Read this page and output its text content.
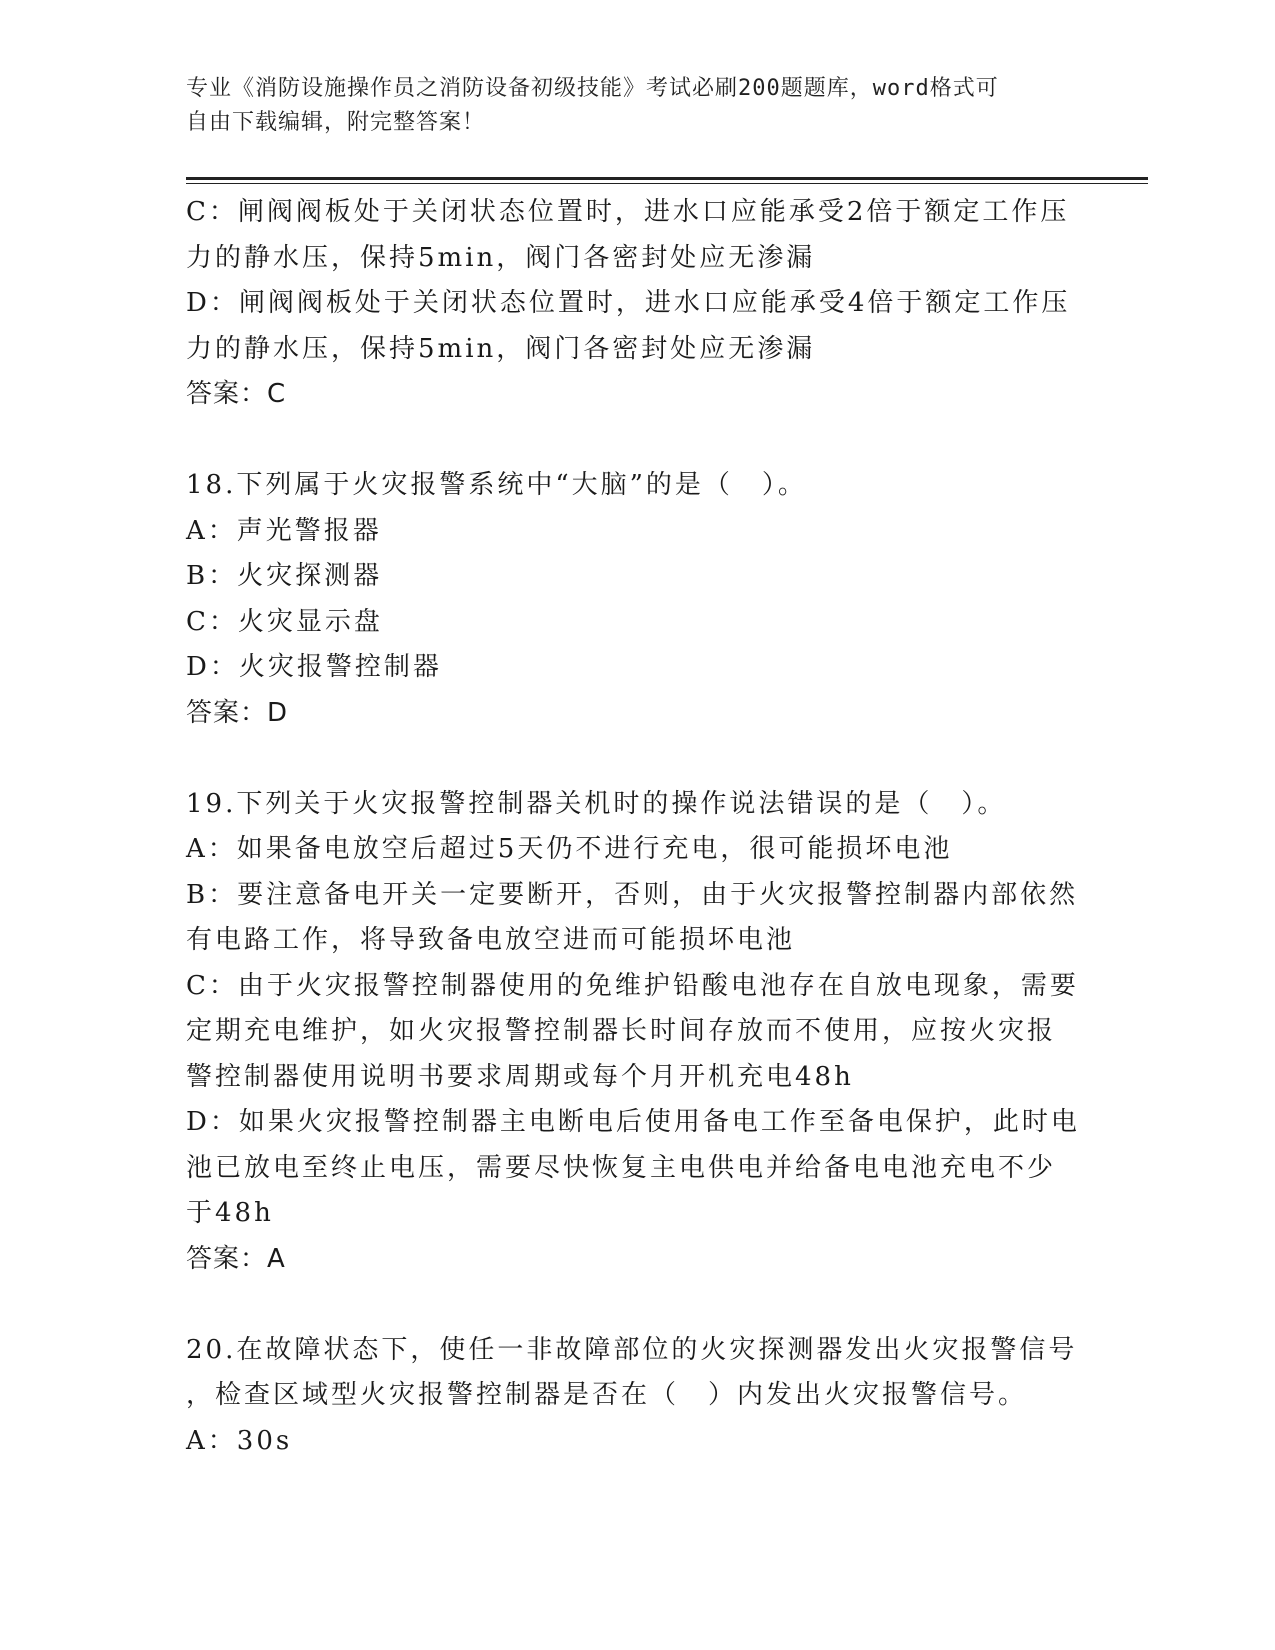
专业《消防设施操作员之消防设备初级技能》考试必刷200题题库，word格式可
自由下载编辑，附完整答案！
C：闸阀阀板处于关闭状态位置时，进水口应能承受2倍于额定工作压
力的静水压，保持5min，阀门各密封处应无渗漏
D：闸阀阀板处于关闭状态位置时，进水口应能承受4倍于额定工作压
力的静水压，保持5min，阀门各密封处应无渗漏
答案：C
18.下列属于火灾报警系统中“大脑”的是（　）。
A：声光警报器
B：火灾探测器
C：火灾显示盘
D：火灾报警控制器
答案：D
19.下列关于火灾报警控制器关机时的操作说法错误的是（　）。
A：如果备电放空后超过5天仍不进行充电，很可能损坏电池
B：要注意备电开关一定要断开，否则，由于火灾报警控制器内部依然
有电路工作，将导致备电放空进而可能损坏电池
C：由于火灾报警控制器使用的免维护铅酸电池存在自放电现象，需要
定期充电维护，如火灾报警控制器长时间存放而不使用，应按火灾报
警控制器使用说明书要求周期或每个月开机充电48h
D：如果火灾报警控制器主电断电后使用备电工作至备电保护，此时电
池已放电至终止电压，需要尽快恢复主电供电并给备电电池充电不少
于48h
答案：A
20.在故障状态下，使任一非故障部位的火灾探测器发出火灾报警信号
，检查区域型火灾报警控制器是否在（　）内发出火灾报警信号。
A：30s
